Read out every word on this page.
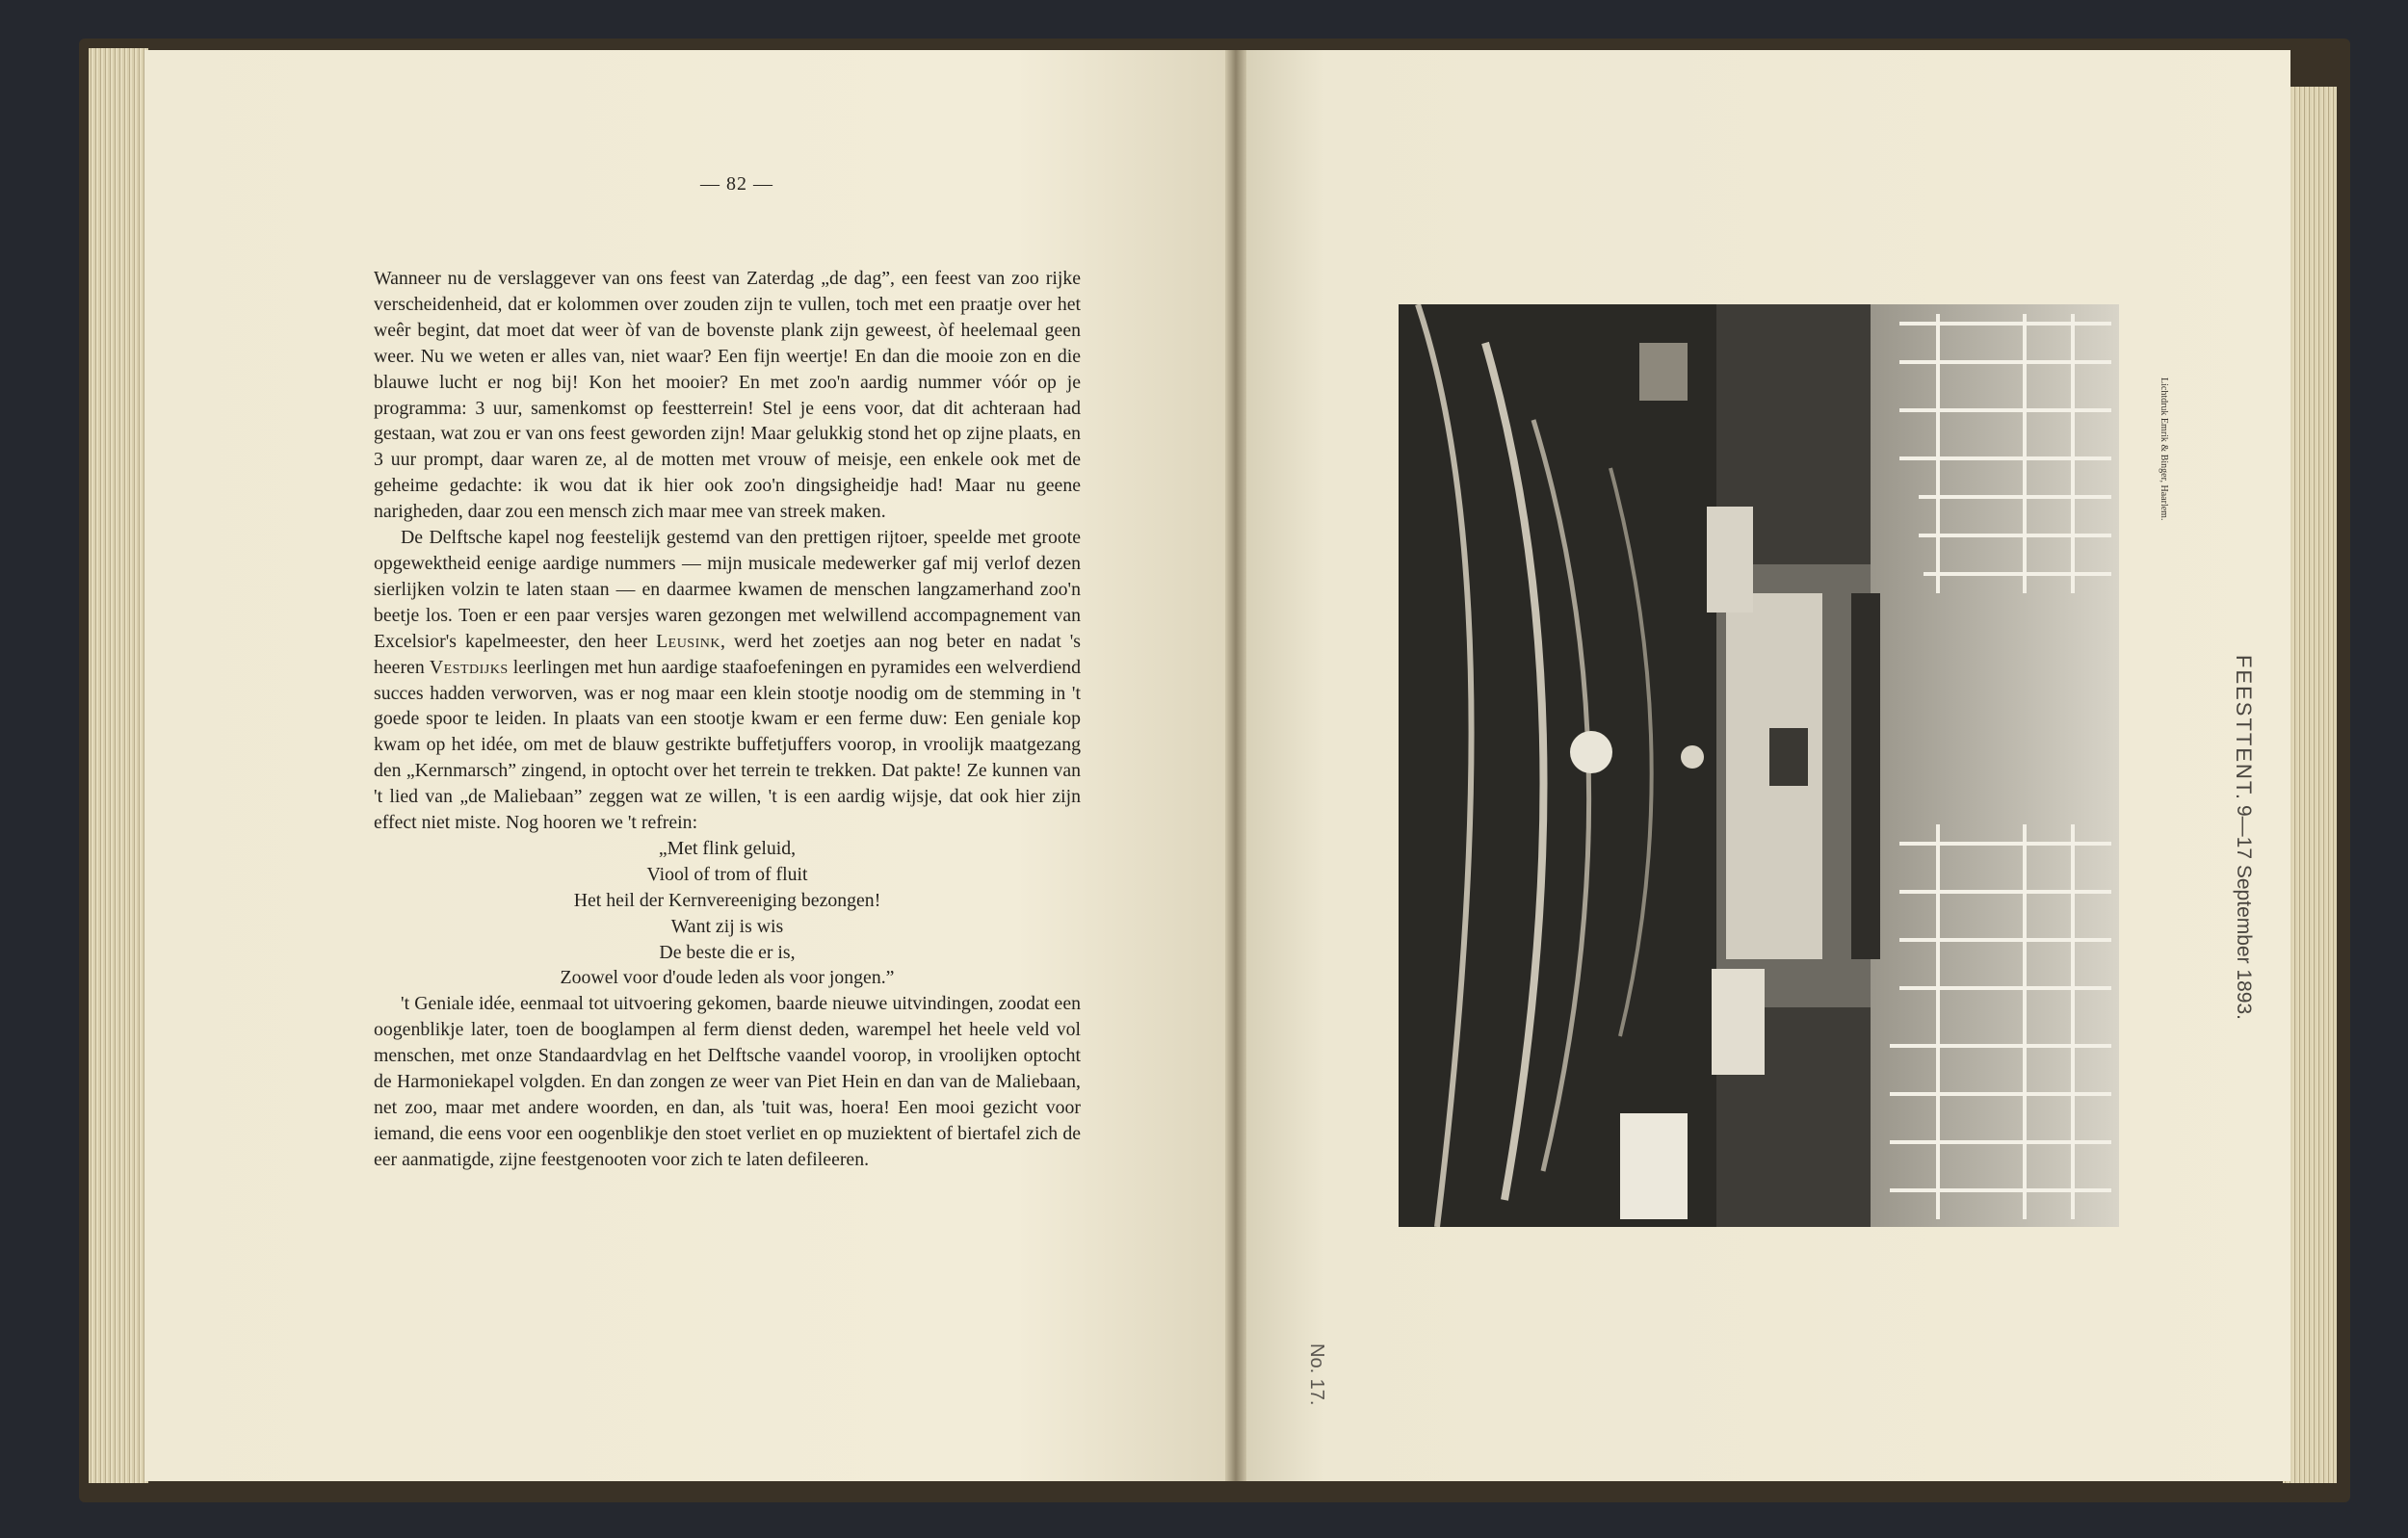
— 82 —

Wanneer nu de verslaggever van ons feest van Zaterdag „de dag”, een feest van zoo rijke verscheidenheid, dat er kolommen over zouden zijn te vullen, toch met een praatje over het weêr begint, dat moet dat weer òf van de bovenste plank zijn geweest, òf heelemaal geen weer. Nu we weten er alles van, niet waar? Een fijn weertje! En dan die mooie zon en die blauwe lucht er nog bij! Kon het mooier? En met zoo'n aardig nummer vóór op je programma: 3 uur, samenkomst op feestterrein! Stel je eens voor, dat dit achteraan had gestaan, wat zou er van ons feest geworden zijn! Maar gelukkig stond het op zijne plaats, en 3 uur prompt, daar waren ze, al de motten met vrouw of meisje, een enkele ook met de geheime gedachte: ik wou dat ik hier ook zoo'n dingsigheidje had! Maar nu geene narigheden, daar zou een mensch zich maar mee van streek maken.

De Delftsche kapel nog feestelijk gestemd van den prettigen rijtoer, speelde met groote opgewektheid eenige aardige nummers — mijn musicale medewerker gaf mij verlof dezen sierlijken volzin te laten staan — en daarmee kwamen de menschen langzamerhand zoo'n beetje los. Toen er een paar versjes waren gezongen met welwillend accompagnement van Excelsior's kapelmeester, den heer Leusink, werd het zoetjes aan nog beter en nadat 's heeren Vestdijks leerlingen met hun aardige staafoefeningen en pyramides een welverdiend succes hadden verworven, was er nog maar een klein stootje noodig om de stemming in 't goede spoor te leiden. In plaats van een stootje kwam er een ferme duw: Een geniale kop kwam op het idée, om met de blauw gestrikte buffetjuffers voorop, in vroolijk maatgezang den „Kernmarsch” zingend, in optocht over het terrein te trekken. Dat pakte! Ze kunnen van 't lied van „de Maliebaan” zeggen wat ze willen, 't is een aardig wijsje, dat ook hier zijn effect niet miste. Nog hooren we 't refrein:

„Met flink geluid,
Viool of trom of fluit
Het heil der Kernvereeniging bezongen!
Want zij is wis
De beste die er is,
Zoowel voor d'oude leden als voor jongen.”

't Geniale idée, eenmaal tot uitvoering gekomen, baarde nieuwe uitvindingen, zoodat een oogenblikje later, toen de booglampen al ferm dienst deden, warempel het heele veld vol menschen, met onze Standaardvlag en het Delftsche vaandel voorop, in vroolijken optocht de Harmoniekapel volgden. En dan zongen ze weer van Piet Hein en dan van de Maliebaan, net zoo, maar met andere woorden, en dan, als 'tuit was, hoera! Een mooi gezicht voor iemand, die eens voor een oogenblikje den stoet verliet en op muziektent of biertafel zich de eer aanmatigde, zijne feestgenooten voor zich te laten defileeren.

Lichtdruk Emrik & Binger, Haarlem.
FEESTTENT. 9—17 September 1893.
No. 17.
